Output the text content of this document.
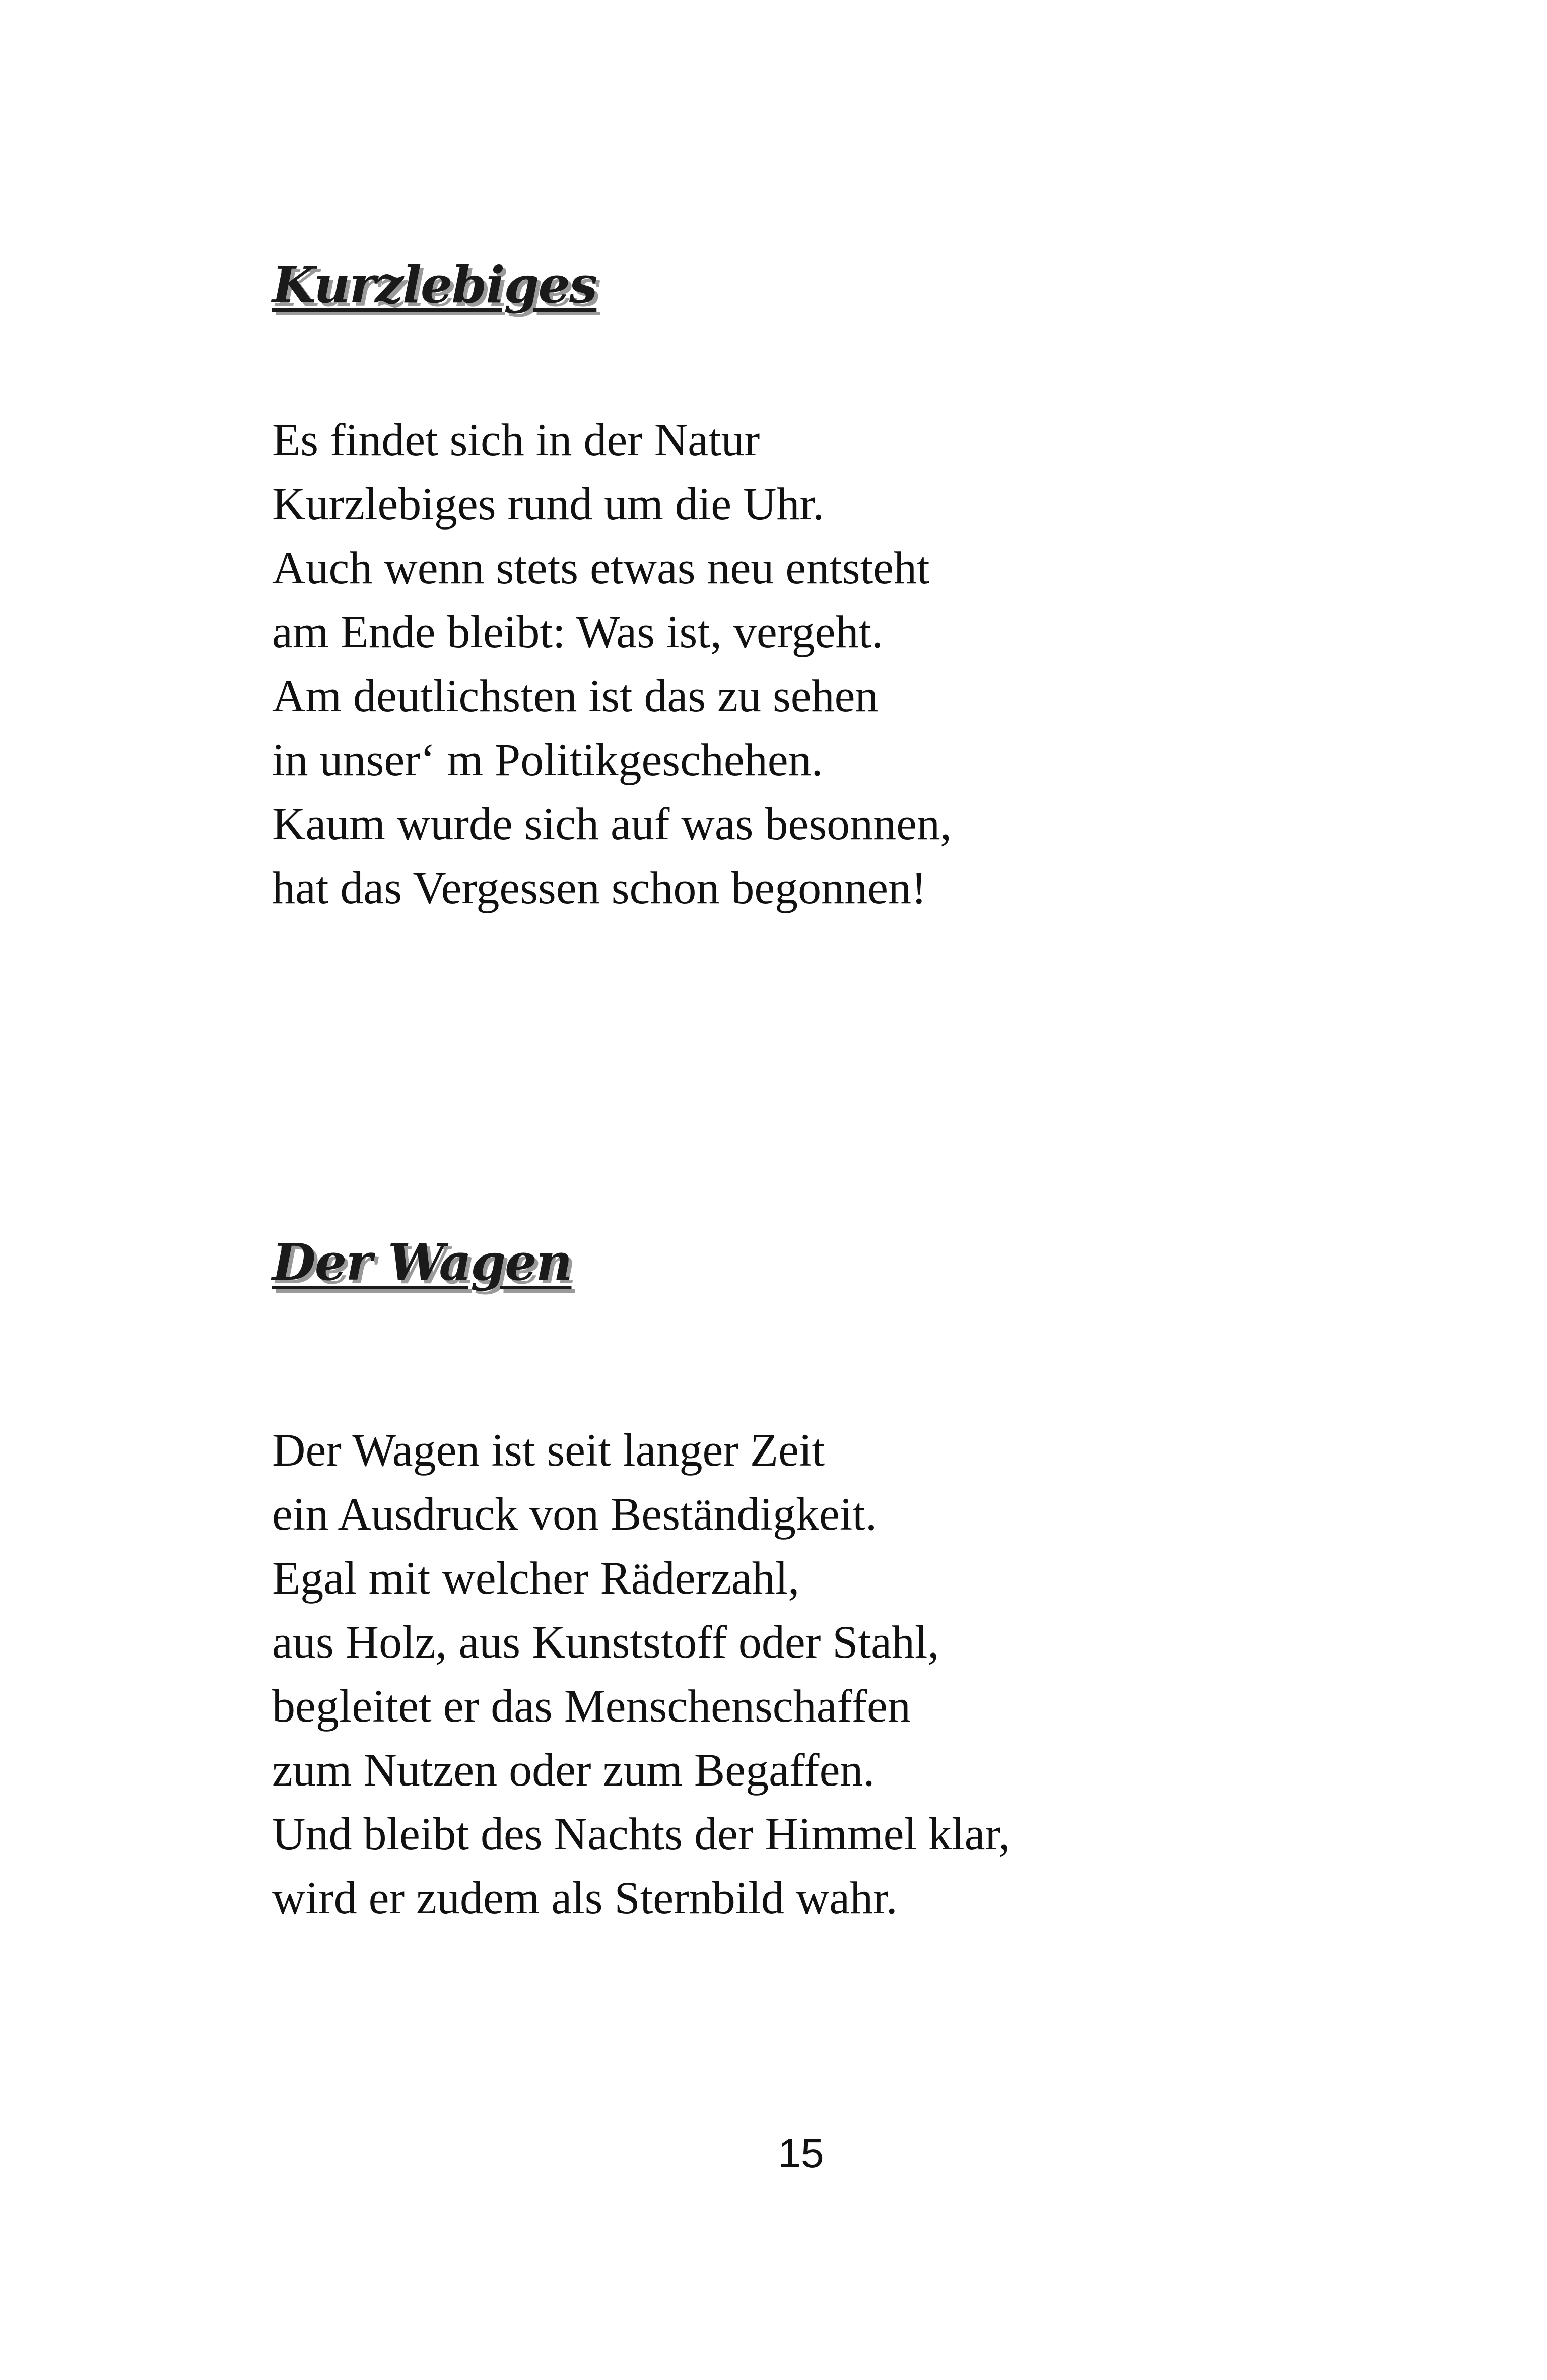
Kurzlebiges
Es findet sich in der Natur
Kurzlebiges rund um die Uhr.
Auch wenn stets etwas neu entsteht
am Ende bleibt: Was ist, vergeht.
Am deutlichsten ist das zu sehen
in unser‘ m Politikgeschehen.
Kaum wurde sich auf was besonnen,
hat das Vergessen schon begonnen!
Der Wagen
Der Wagen ist seit langer Zeit
ein Ausdruck von Beständigkeit.
Egal mit welcher Räderzahl,
aus Holz, aus Kunststoff oder Stahl,
begleitet er das Menschenschaffen
zum Nutzen oder zum Begaffen.
Und bleibt des Nachts der Himmel klar,
wird er zudem als Sternbild wahr.
15
